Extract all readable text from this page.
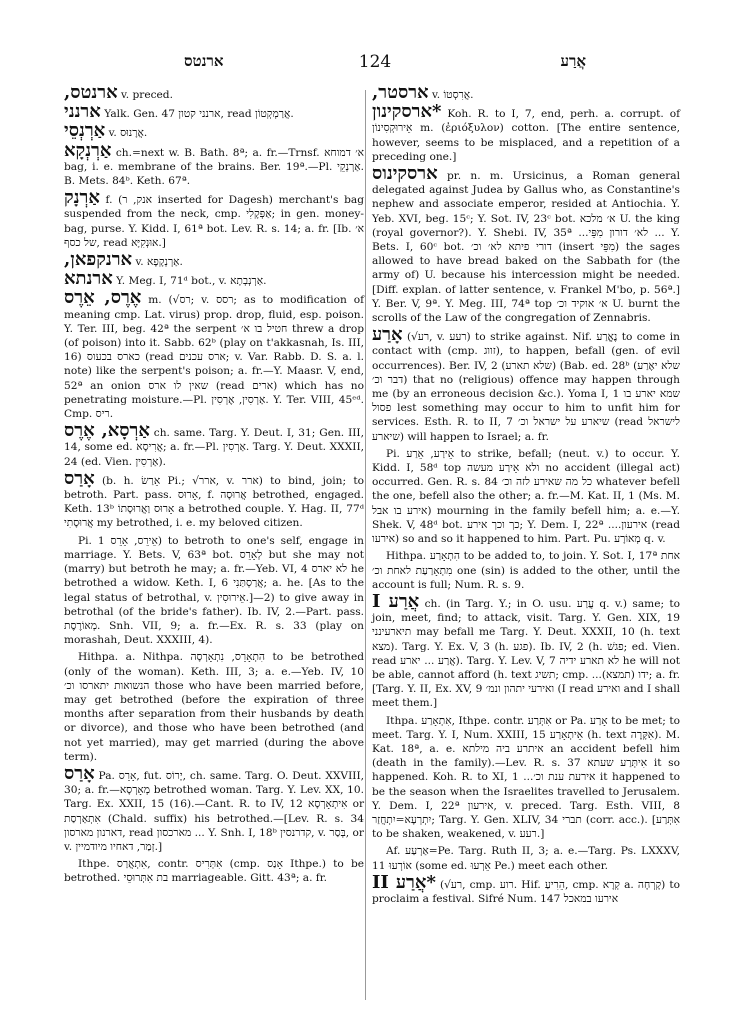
ארנטס	124	אֲרַע

ארנטס, v. preced.

ארנני Yalk. Gen. 47 ארנני קטון, read אֲרַמְקְטוֹן.

אַרְנְסֵי v. אֲרָנוּס.

אַרְנְקָא ch.=next w. B. Bath. 8ª; a. fr.—Trnsf. א׳ דמוחא bag, i. e. membrane of the brains. Ber. 19ª.—Pl. אַרְנְקֵי. B. Mets. 84ᵇ. Keth. 67ª.

אַרְנָק f. (אנק, ר inserted for Dagesh) merchant's bag suspended from the neck, cmp. אַפְּקָלִי; in gen. money-bag, purse. Y. Kidd. I, 61ª bot. Lev. R. s. 14; a. fr. [Ib. א׳ של כסף, read אוּנְקִיָּא.]

ארנקפאן, v. אַרְנְקָפָא.

ארנתא Y. Meg. I, 71ᵈ bot., v. אַרְנְבְתָא.

אֶרֶס, אֵרֶס m. (√רס; v. רסס; as to modification of meaning cmp. Lat. virus) prop. drop, fluid, esp. poison. Y. Ter. III, beg. 42ª the serpent חטיל בו א׳ threw a drop (of poison) into it. Sabb. 62ᵇ (play on t'akkasnah, Is. III, 16) כארס בכעוס (read ארס עכנים; v. Var. Rabb. D. S. a. l. note) like the serpent's poison; a. fr.—Y. Maasr. V, end, 52ª an onion שאין לו ארס (read ארים) which has no penetrating moisture.—Pl. אַרְסִין, אֶרְסִין. Y. Ter. VIII, 45ᵉᵈ. Cmp. ריס.

אַרְסָא, אֶרֶס ch. same. Targ. Y. Deut. I, 31; Gen. III, 14, some ed. אֲרִיסָא; a. fr.—Pl. אַרְסִין. Targ. Y. Deut. XXXII, 24 (ed. Vien. אַרְסִין).

אָרַס (b. h. אֵרַשׂ Pi.; √ארר, v. ארר) to bind, join; to betroth. Part. pass. אָרוּס, f. אֲרוּסָה betrothed, engaged. Keth. 13ᵇ אָרוּס וַאֲרוּסָתוֹ a betrothed couple. Y. Hag. II, 77ᵈ אֲרוּסָתִי my betrothed, i. e. my beloved citizen.

Pi. אֵירֵס, אֵרֵס 1) to betroth to one's self, engage in marriage. Y. Bets. V, 63ª bot. לְאָרֵס but she may not (marry) but betroth he may; a. fr.—Yeb. VI, 4 לא יארס he betrothed a widow. Keth. I, 6 אֲרַסְתַּנִי; a. he. [As to the legal status of betrothal, v. אֵירוּסִין.]—2) to give away in betrothal (of the bride's father). Ib. IV, 2.—Part. pass. מְאוֹרֶסֶת. Snh. VII, 9; a. fr.—Ex. R. s. 33 (play on morashah, Deut. XXXIII, 4).

Hithpa. a. Nithpa. הִתְאָרֵס, נִתְאָרְסָה to be betrothed (only of the woman). Keth. III, 3; a. e.—Yeb. IV, 10 הנשואות יתארסו וכ׳ those who have been married before, may get betrothed (before the expiration of three months after separation from their husbands by death or divorce), and those who have been betrothed (and not yet married), may get married (during the above term).

אָרַס Pa. אָרֵס, fut. יָרוֹס, ch. same. Targ. O. Deut. XXVIII, 30; a. fr.—מְאָרְסָא betrothed woman. Targ. Y. Lev. XX, 10. Targ. Ex. XXII, 15 (16).—Cant. R. to IV, 12 אִיתְאָרְסָא or אִתְאַרְסַת (Chald. suffix) his betrothed.—[Lev. R. s. 34 דארנון מארסון, read מארכסון ... Y. Snh. I, 18ᵇ קדרנסין, v. בְּסַר, or v. זְמַר, דאחיו מיודמיין.]

Ithpe. אִתְאֲרַס, contr. אִתְּרִיס (cmp. אָנַס Ithpe.) to be betrothed. בת אִתְּרוּסֵי marriageable. Gitt. 43ª; a. fr.

ארסטר, v. אֲרִסְטוֹ.

*ארסקינון Koh. R. to I, 7, end, perh. a. corrupt. of אֵירוּקְסִינוֹן m. (ἐριόξυλον) cotton. [The entire sentence, however, seems to be misplaced, and a repetition of a preceding one.]

ארסקינוס pr. n. m. Ursicinus, a Roman general delegated against Judea by Gallus who, as Constantine's nephew and associate emperor, resided at Antiochia. Y. Yeb. XVI, beg. 15ᶜ; Y. Sot. IV, 23ᶜ bot. א׳ מלכא U. the king (royal governor?). Y. Shebi. IV, 35ª ...לא׳ דורון מִפֵּי ... Y. Bets. I, 60ᶜ bot. דורי פיתא לא׳ וכ׳ (insert מִפֵּי) the sages allowed to have bread baked on the Sabbath for (the army of) U. because his intercession might be needed. [Diff. explan. of latter sentence, v. Frankel M'bo, p. 56ª.] Y. Ber. V, 9ª. Y. Meg. III, 74ª top א׳ אוקיד וכ׳ U. burnt the scrolls of the Law of the congregation of Zennabris.

אָרַע (√רע, v. רעע) to strike against. Nif. נֶאֱרַע to come in contact with (cmp. זווג), to happen, befall (gen. of evil occurrences). Ber. IV, 2 (שלא תארע) (Bab. ed. 28ᵇ (שלא יאֶרַע דבר וכ׳) that no (religious) offence may happen through me (by an erroneous decision &c.). Yoma I, 1 שמא יארע בו פסול lest something may occur to him to unfit him for services. Esth. R. to II, 7 שיארע על ישראל וכ׳ (read לישראל שיארע) will happen to Israel; a. fr.

Pi. אֵירַע, אֵרַע to strike, befall; (neut. v.) to occur. Y. Kidd. I, 58ᵈ top ולא אֵירַע מעשה no accident (illegal act) occurred. Gen. R. s. 84 כל מה שאירע לזה וכ׳ whatever befell the one, befell also the other; a. fr.—M. Kat. II, 1 (Ms. M. אירע בו אבל) mourning in the family befell him; a. e.—Y. Shek. V, 48ᵈ bot. כך וכך אירע; Y. Dem. I, 22ª ....אירעון (read אירעו) so and so it happened to him. Part. Pu. מְאוֹרָע q. v.

Hithpa. הִתְאָרַע to be added to, to join. Y. Sot. I, 17ª אחת מִתְאָרַעַת לאחת וכ׳ one (sin) is added to the other, until the account is full; Num. R. s. 9.

אֲרַע I ch. (in Targ. Y.; in O. usu. עֲרַע q. v.) same; to join, meet, find; to attack, visit. Targ. Y. Gen. XIX, 19 תיארעינני may befall me Targ. Y. Deut. XXXII, 10 (h. text מצא). Targ. Y. Ex. V, 3 (h. פגע). Ib. IV, 2 (h. פגשׁ; ed. Vien. read אֲרַע ... יארע). Targ. Y. Lev. V, 7 לא תארע ידיה he will not be able, cannot afford (h. text תשיג; cmp. ...ידו (תמצא); a. fr. [Targ. Y. II, Ex. XV, 9 ואירעי יתהון ונמ׳ (I read ואירע and I shall meet them.]

Ithpa. אִתְאָרַע, Ithpe. contr. אִתְּרַע or Pa. אָרַע to be met; to meet. Targ. Y. I, Num. XXIII, 15 אֵיתְאָרַע (h. text אִקָּרֶה). M. Kat. 18ª, a. e. איתרע ביה מילתא an accident befell him (death in the family).—Lev. R. s. 37 אִיתְּרַע שעתא it so happened. Koh. R. to XI, 1 ...אירעת ענת וכ׳ it happened to be the season when the Israelites travelled to Jerusalem. Y. Dem. I, 22ª אירעון, v. preced. Targ. Esth. VIII, 8 יִתְרְעָא=יִתְחֲזַר; Targ. Y. Gen. XLIV, 34 תברי (corr. acc.). [אִתְּרַע to be shaken, weakened, v. רעע.]

Af. אַרְעַע=Pe. Targ. Ruth II, 3; a. e.—Targ. Ps. LXXXV, 11 אוֹרְעוּ (some ed. אֵרְעוּ Pe.) meet each other.

*אֲרַע II (√רע, cmp. רוע. Hif. הֵרִיעַ, cmp. קְרָא a. קָרְחָה) to proclaim a festival. Sifré Num. 147 אירעו במאכל
